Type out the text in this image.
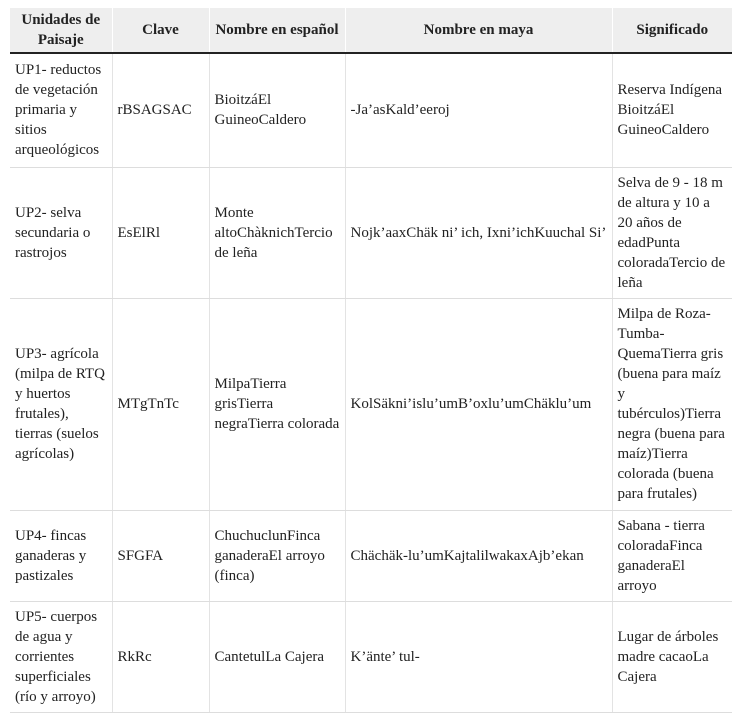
Unidades de Paisaje	Clave	Nombre en español	Nombre en maya	Significado
UP1- reductos de vegetación primaria y sitios arqueológicos	rBSAGSAC	BioitzáEl GuineoCaldero	-Ja’asKald’eeroj	Reserva Indígena BioitzáEl GuineoCaldero
UP2- selva secundaria o rastrojos	EsElRl	Monte altoChàknichTercio de leña	Nojk’aaxChäk ni’ ich, Ixni’ichKuuchal Si’	Selva de 9 - 18 m de altura y 10 a 20 años de edadPunta coloradaTercio de leña
UP3- agrícola (milpa de RTQ y huertos frutales), tierras (suelos agrícolas)	MTgTnTc	MilpaTierra grisTierra negraTierra colorada	KolSäkni’islu’umB’oxlu’umChäklu’um	Milpa de Roza-Tumba-QuemaTierra gris (buena para maíz y tubérculos)Tierra negra (buena para maíz)Tierra colorada (buena para frutales)
UP4- fincas ganaderas y pastizales	SFGFA	ChuchuclunFinca ganaderaEl arroyo (finca)	Chächäk-lu’umKajtalilwakaxAjb’ekan	Sabana - tierra coloradaFinca ganaderaEl arroyo
UP5- cuerpos de agua y corrientes superficiales (río y arroyo)	RkRc	CantetulLa Cajera	K’änte’ tul-	Lugar de árboles madre cacaoLa Cajera
